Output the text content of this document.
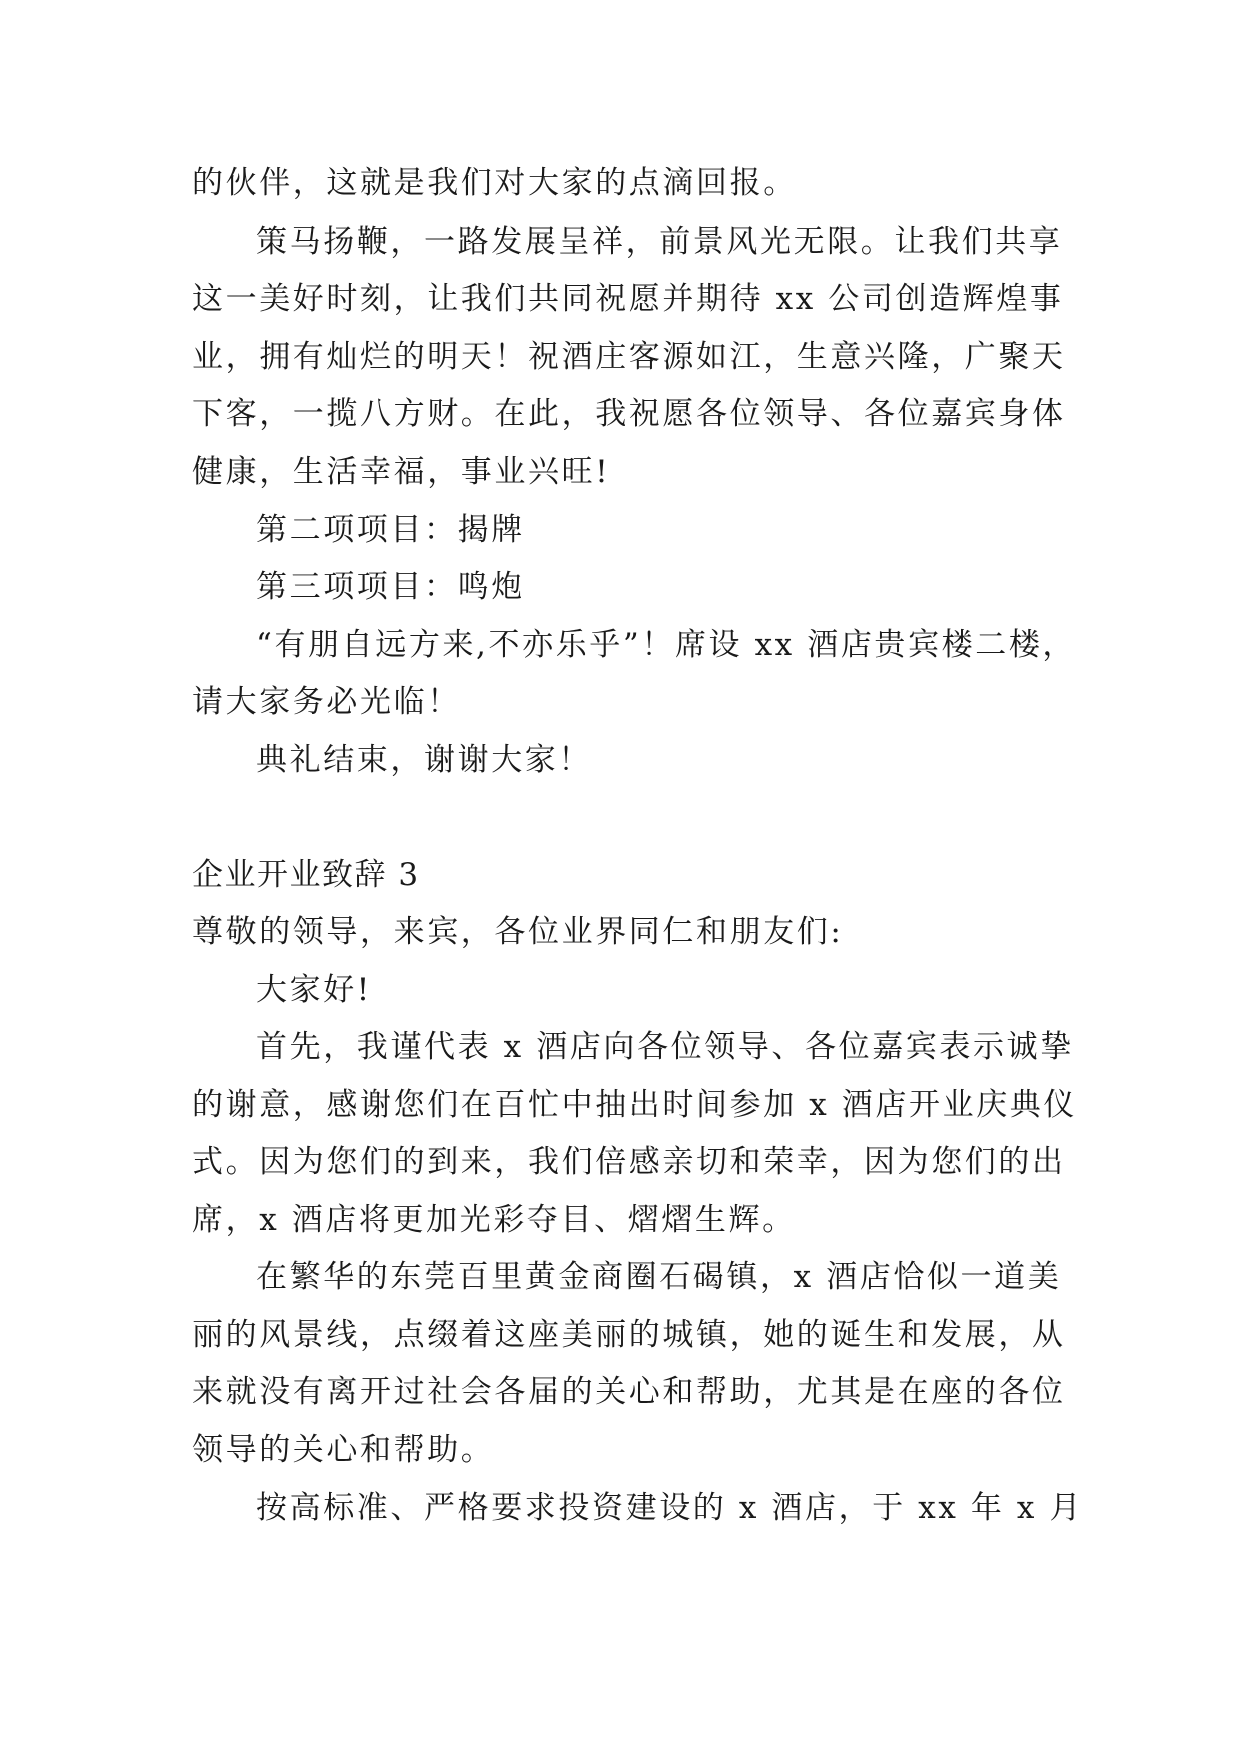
的伙伴，这就是我们对大家的点滴回报。
策马扬鞭，一路发展呈祥，前景风光无限。让我们共享
这一美好时刻，让我们共同祝愿并期待 xx 公司创造辉煌事
业，拥有灿烂的明天！祝酒庄客源如江，生意兴隆，广聚天
下客，一揽八方财。在此，我祝愿各位领导、各位嘉宾身体
健康，生活幸福，事业兴旺!
第二项项目：揭牌
第三项项目：鸣炮
“有朋自远方来,不亦乐乎”！席设 xx 酒店贵宾楼二楼，
请大家务必光临！
典礼结束，谢谢大家！
企业开业致辞 3
尊敬的领导，来宾，各位业界同仁和朋友们:
大家好!
首先，我谨代表 x 酒店向各位领导、各位嘉宾表示诚挚
的谢意，感谢您们在百忙中抽出时间参加 x 酒店开业庆典仪
式。因为您们的到来，我们倍感亲切和荣幸，因为您们的出
席，x 酒店将更加光彩夺目、熠熠生辉。
在繁华的东莞百里黄金商圈石碣镇，x 酒店恰似一道美
丽的风景线，点缀着这座美丽的城镇，她的诞生和发展，从
来就没有离开过社会各届的关心和帮助，尤其是在座的各位
领导的关心和帮助。
按高标准、严格要求投资建设的 x 酒店，于 xx 年 x 月
